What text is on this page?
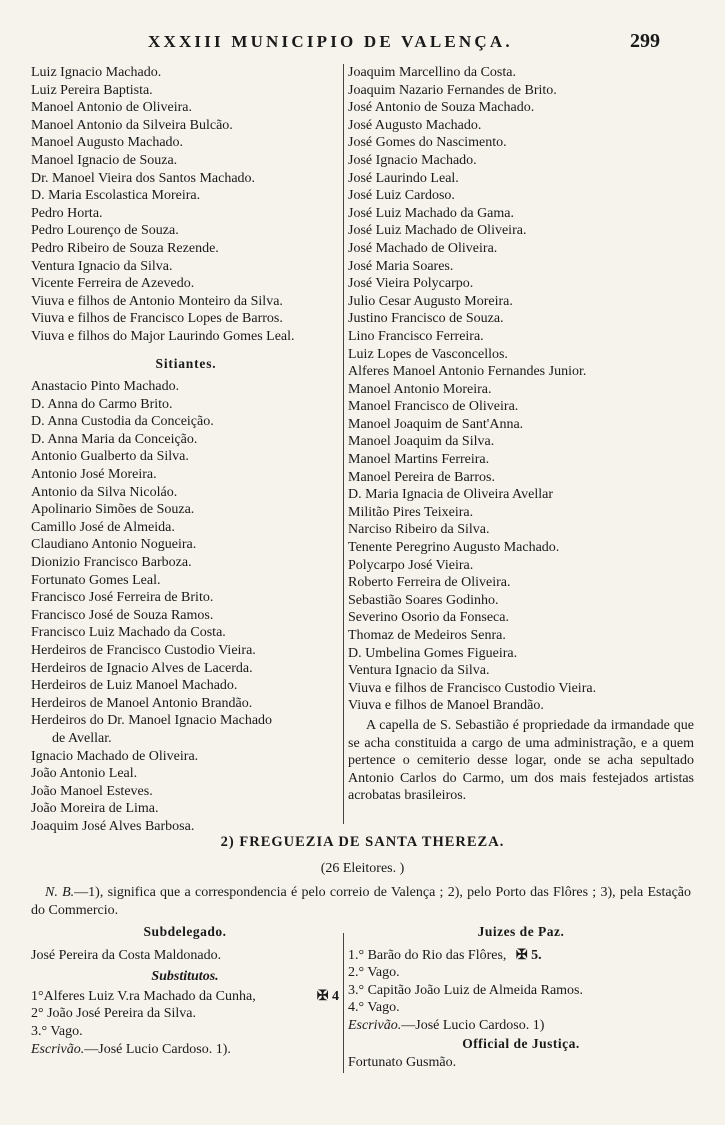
XXXIII MUNICIPIO DE VALENÇA.	299
Luiz Ignacio Machado.
Luiz Pereira Baptista.
Manoel Antonio de Oliveira.
Manoel Antonio da Silveira Bulcão.
Manoel Augusto Machado.
Manoel Ignacio de Souza.
Dr. Manoel Vieira dos Santos Machado.
D. Maria Escolastica Moreira.
Pedro Horta.
Pedro Lourenço de Souza.
Pedro Ribeiro de Souza Rezende.
Ventura Ignacio da Silva.
Vicente Ferreira de Azevedo.
Viuva e filhos de Antonio Monteiro da Silva.
Viuva e filhos de Francisco Lopes de Barros.
Viuva e filhos do Major Laurindo Gomes Leal.
Sitiantes.
Anastacio Pinto Machado.
D. Anna do Carmo Brito.
D. Anna Custodia da Conceição.
D. Anna Maria da Conceição.
Antonio Gualberto da Silva.
Antonio José Moreira.
Antonio da Silva Nicoláo.
Apolinario Simões de Souza.
Camillo José de Almeida.
Claudiano Antonio Nogueira.
Dionizio Francisco Barboza.
Fortunato Gomes Leal.
Francisco José Ferreira de Brito.
Francisco José de Souza Ramos.
Francisco Luiz Machado da Costa.
Herdeiros de Francisco Custodio Vieira.
Herdeiros de Ignacio Alves de Lacerda.
Herdeiros de Luiz Manoel Machado.
Herdeiros de Manoel Antonio Brandão.
Herdeiros do Dr. Manoel Ignacio Machado
de Avellar.
Ignacio Machado de Oliveira.
João Antonio Leal.
João Manoel Esteves.
João Moreira de Lima.
Joaquim José Alves Barbosa.
Joaquim Marcellino da Costa.
Joaquim Nazario Fernandes de Brito.
José Antonio de Souza Machado.
José Augusto Machado.
José Gomes do Nascimento.
José Ignacio Machado.
José Laurindo Leal.
José Luiz Cardoso.
José Luiz Machado da Gama.
José Luiz Machado de Oliveira.
José Machado de Oliveira.
José Maria Soares.
José Vieira Polycarpo.
Julio Cesar Augusto Moreira.
Justino Francisco de Souza.
Lino Francisco Ferreira.
Luiz Lopes de Vasconcellos.
Alferes Manoel Antonio Fernandes Junior.
Manoel Antonio Moreira.
Manoel Francisco de Oliveira.
Manoel Joaquim de Sant'Anna.
Manoel Joaquim da Silva.
Manoel Martins Ferreira.
Manoel Pereira de Barros.
D. Maria Ignacia de Oliveira Avellar
Militão Pires Teixeira.
Narciso Ribeiro da Silva.
Tenente Peregrino Augusto Machado.
Polycarpo José Vieira.
Roberto Ferreira de Oliveira.
Sebastião Soares Godinho.
Severino Osorio da Fonseca.
Thomaz de Medeiros Senra.
D. Umbelina Gomes Figueira.
Ventura Ignacio da Silva.
Viuva e filhos de Francisco Custodio Vieira.
Viuva e filhos de Manoel Brandão.
A capella de S. Sebastião é propriedade da irmandade que se acha constituida a cargo de uma administração, e a quem pertence o cemiterio desse logar, onde se acha sepultado Antonio Carlos do Carmo, um dos mais festejados artistas acrobatas brasileiros.
2) FREGUEZIA DE SANTA THEREZA.
(26 Eleitores. )
N. B.—1), significa que a correspondencia é pelo correio de Valença ; 2), pelo Porto das Flôres ; 3), pela Estação do Commercio.
Subdelegado.
José Pereira da Costa Maldonado.
Substitutos.
1°Alferes Luiz V.ra Machado da Cunha,	✠ 4
2° João José Pereira da Silva.
3.° Vago.
Escrivão.—José Lucio Cardoso. 1).
Juizes de Paz.
1.° Barão do Rio das Flôres, ✠ 5.
2.° Vago.
3.° Capitão João Luiz de Almeida Ramos.
4.° Vago.
Escrivão.—José Lucio Cardoso. 1)
Official de Justiça.
Fortunato Gusmão.
